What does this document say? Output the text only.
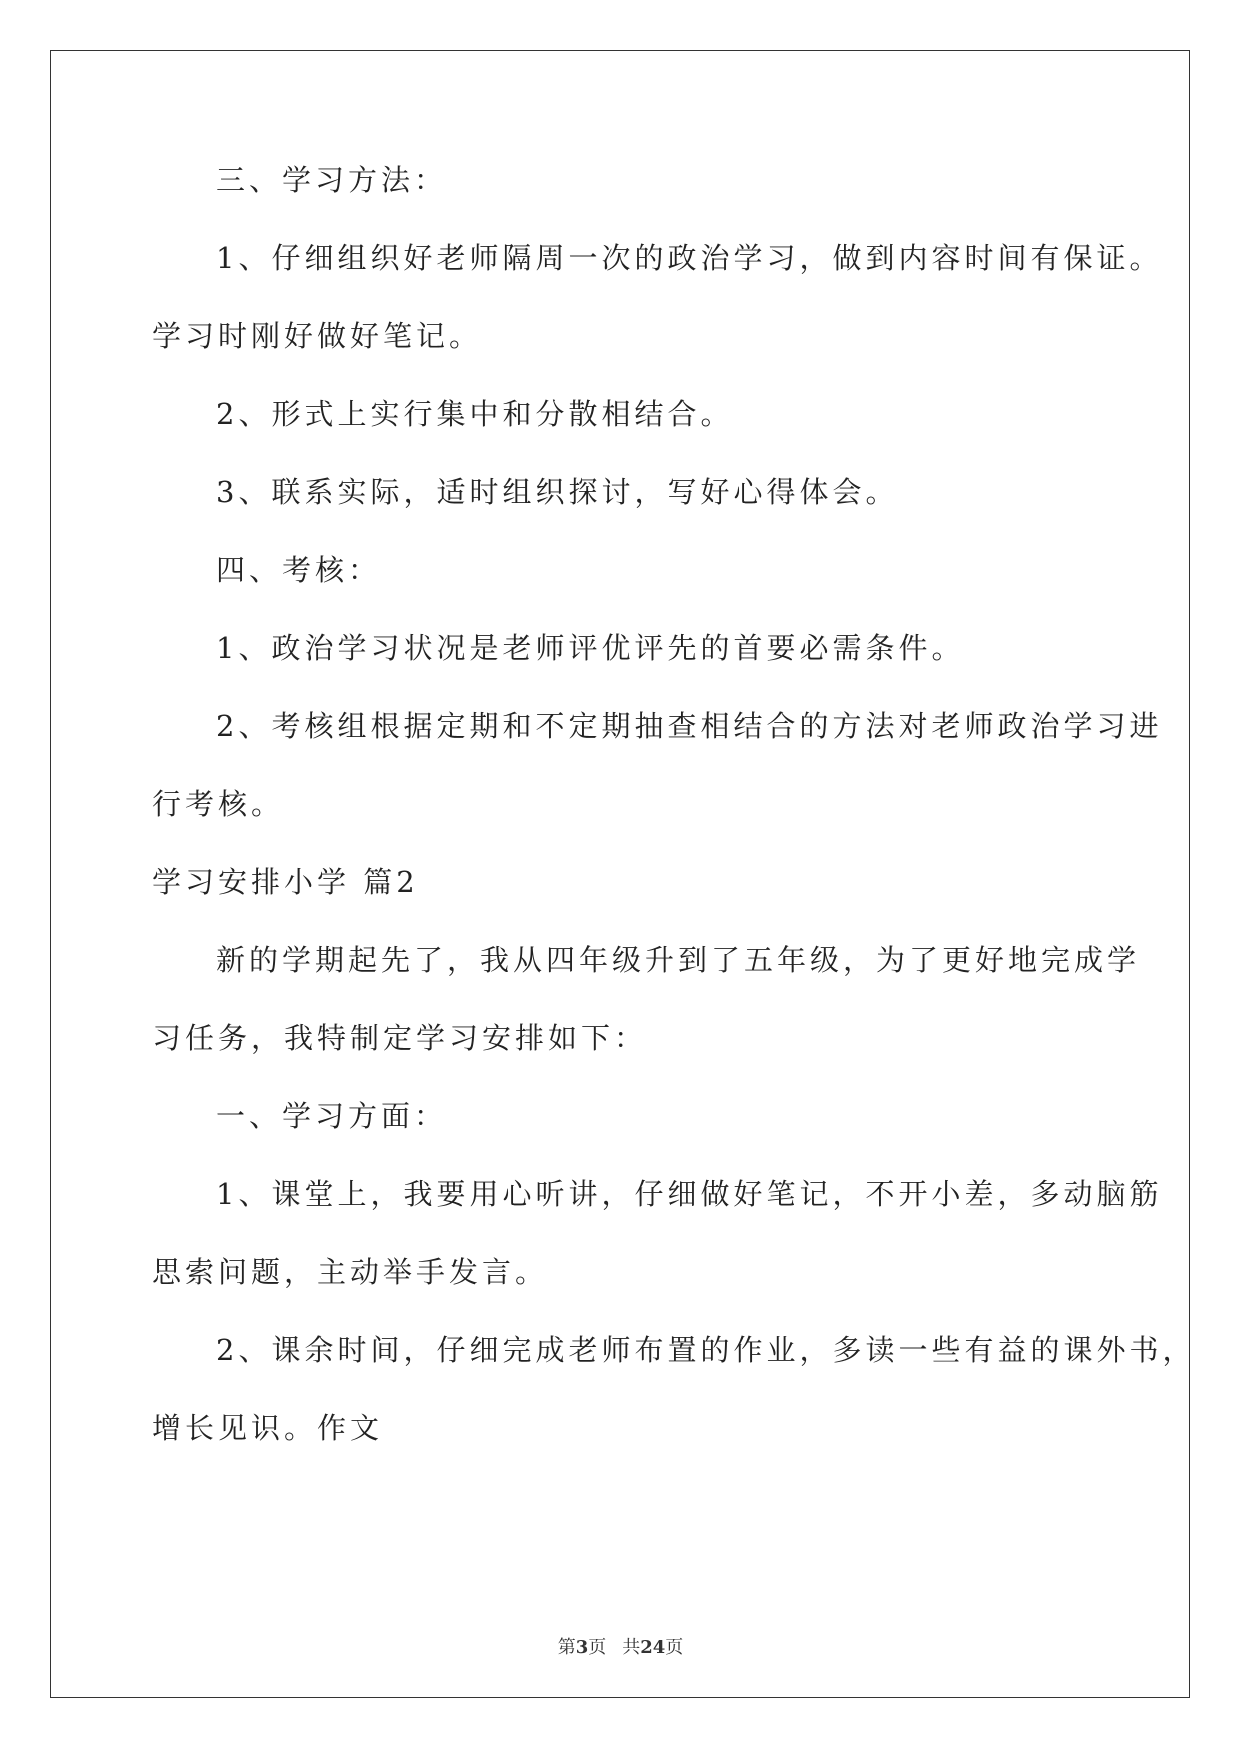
三、学习方法：

1、仔细组织好老师隔周一次的政治学习，做到内容时间有保证。

学习时刚好做好笔记。

2、形式上实行集中和分散相结合。

3、联系实际，适时组织探讨，写好心得体会。

四、考核：

1、政治学习状况是老师评优评先的首要必需条件。

2、考核组根据定期和不定期抽查相结合的方法对老师政治学习进

行考核。

学习安排小学 篇2

新的学期起先了，我从四年级升到了五年级，为了更好地完成学

习任务，我特制定学习安排如下：

一、学习方面：

1、课堂上，我要用心听讲，仔细做好笔记，不开小差，多动脑筋

思索问题，主动举手发言。

2、课余时间，仔细完成老师布置的作业，多读一些有益的课外书，

增长见识。作文

第3页 共24页
